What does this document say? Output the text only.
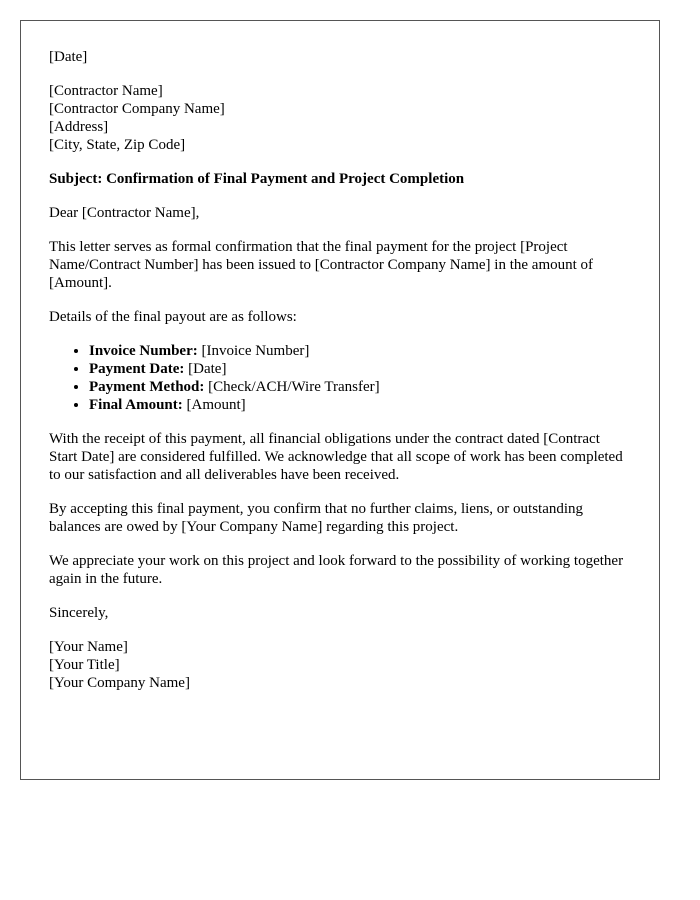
[Date]

[Contractor Name]
[Contractor Company Name]
[Address]
[City, State, Zip Code]

Subject: Confirmation of Final Payment and Project Completion

Dear [Contractor Name],

This letter serves as formal confirmation that the final payment for the project [Project Name/Contract Number] has been issued to [Contractor Company Name] in the amount of [Amount].

Details of the final payout are as follows:

• Invoice Number: [Invoice Number]
• Payment Date: [Date]
• Payment Method: [Check/ACH/Wire Transfer]
• Final Amount: [Amount]

With the receipt of this payment, all financial obligations under the contract dated [Contract Start Date] are considered fulfilled. We acknowledge that all scope of work has been completed to our satisfaction and all deliverables have been received.

By accepting this final payment, you confirm that no further claims, liens, or outstanding balances are owed by [Your Company Name] regarding this project.

We appreciate your work on this project and look forward to the possibility of working together again in the future.

Sincerely,

[Your Name]
[Your Title]
[Your Company Name]
